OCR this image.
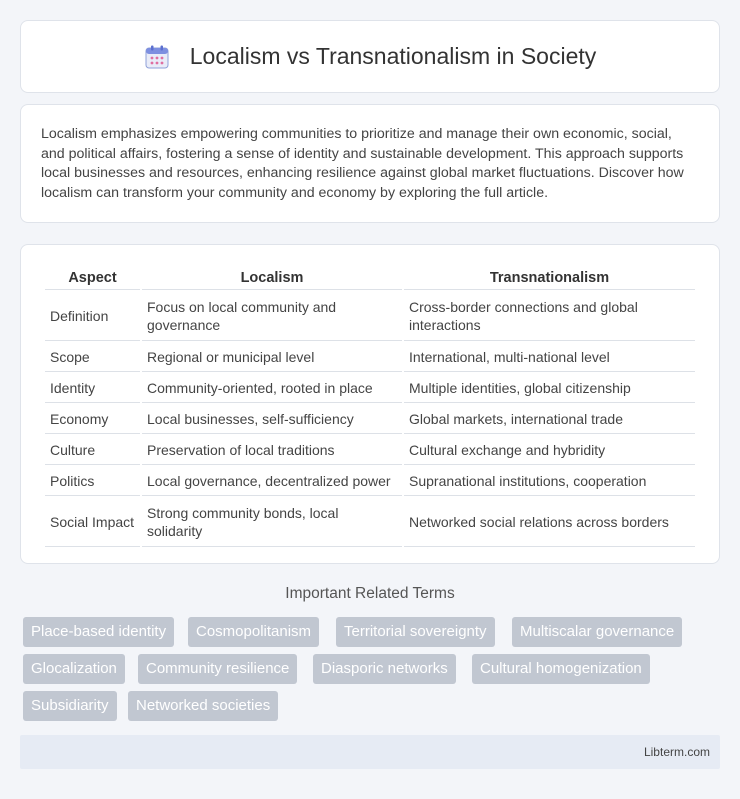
Localism vs Transnationalism in Society

Localism emphasizes empowering communities to prioritize and manage their own economic, social, and political affairs, fostering a sense of identity and sustainable development. This approach supports local businesses and resources, enhancing resilience against global market fluctuations. Discover how localism can transform your community and economy by exploring the full article.

Aspect	Localism	Transnationalism
Definition	Focus on local community and governance	Cross-border connections and global interactions
Scope	Regional or municipal level	International, multi-national level
Identity	Community-oriented, rooted in place	Multiple identities, global citizenship
Economy	Local businesses, self-sufficiency	Global markets, international trade
Culture	Preservation of local traditions	Cultural exchange and hybridity
Politics	Local governance, decentralized power	Supranational institutions, cooperation
Social Impact	Strong community bonds, local solidarity	Networked social relations across borders
Important Related Terms
Place-based identity	Cosmopolitanism	Territorial sovereignty	Multiscalar governance
Glocalization	Community resilience	Diasporic networks	Cultural homogenization
Subsidiarity	Networked societies
Libterm.com
